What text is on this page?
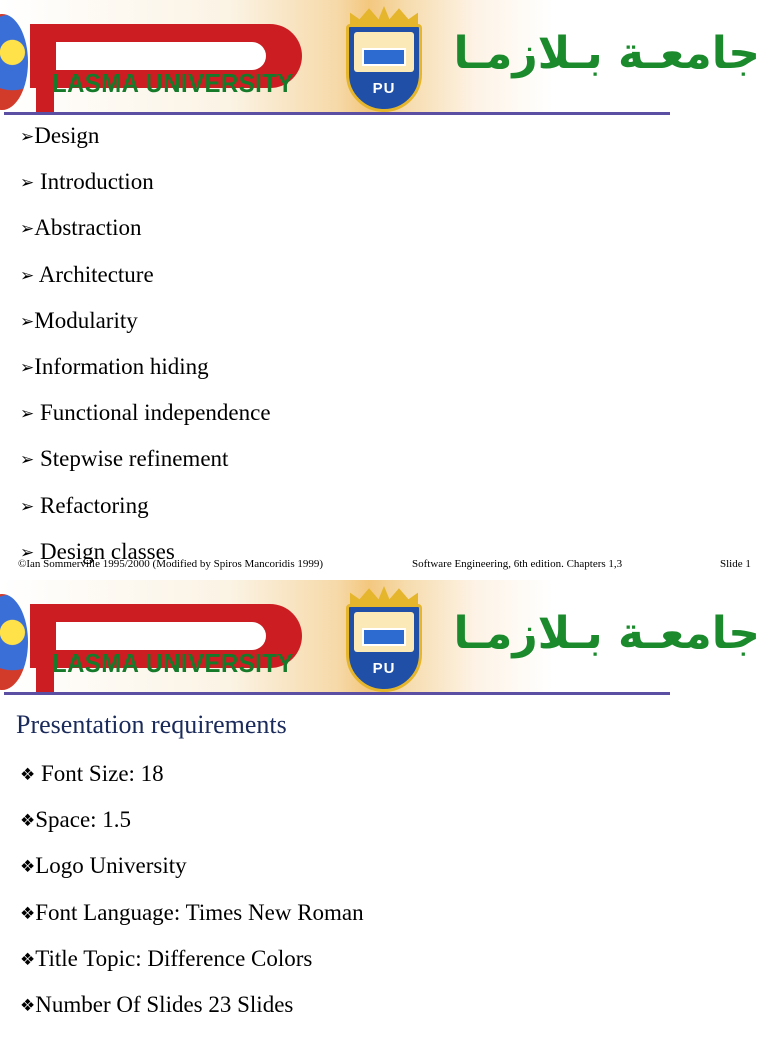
LASMA UNIVERSITY	PU
جامعـة بـلازمـا
➢Design
➢ Introduction
➢Abstraction
➢ Architecture
➢Modularity
➢Information hiding
➢ Functional independence
➢ Stepwise refinement
➢ Refactoring
➢ Design classes
©Ian Sommerville 1995/2000 (Modified by Spiros Mancoridis 1999)	Software Engineering, 6th edition. Chapters 1,3	Slide 1
LASMA UNIVERSITY	PU
جامعـة بـلازمـا
Presentation requirements
❖ Font Size: 18
❖Space: 1.5
❖Logo University
❖Font Language: Times New Roman
❖Title Topic: Difference Colors
❖Number Of Slides 23 Slides
